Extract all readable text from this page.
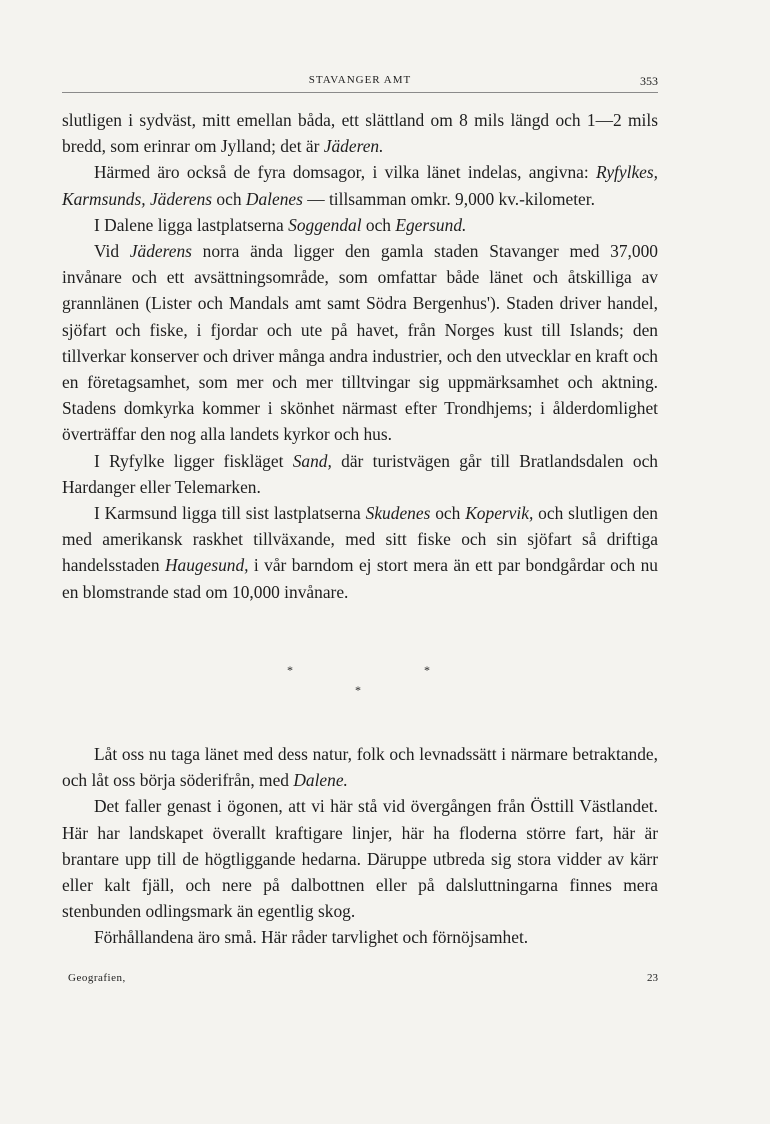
STAVANGER AMT	353

slutligen i sydväst, mitt emellan båda, ett slättland om 8 mils längd och 1—2 mils bredd, som erinrar om Jylland; det är Jäderen.

Härmed äro också de fyra domsagor, i vilka länet indelas, angivna: Ryfylkes, Karmsunds, Jäderens och Dalenes — tillsamman omkr. 9,000 kv.-kilometer.

I Dalene ligga lastplatserna Soggendal och Egersund.

Vid Jäderens norra ända ligger den gamla staden Stavanger med 37,000 invånare och ett avsättningsområde, som omfattar både länet och åtskilliga av grannlänen (Lister och Mandals amt samt Södra Bergenhus'). Staden driver handel, sjöfart och fiske, i fjordar och ute på havet, från Norges kust till Islands; den tillverkar konserver och driver många andra industrier, och den utvecklar en kraft och en företagsamhet, som mer och mer tilltvingar sig uppmärksamhet och aktning. Stadens domkyrka kommer i skönhet närmast efter Trondhjems; i ålderdomlighet överträffar den nog alla landets kyrkor och hus.

I Ryfylke ligger fiskläget Sand, där turistvägen går till Bratlandsdalen och Hardanger eller Telemarken.

I Karmsund ligga till sist lastplatserna Skudenes och Kopervik, och slutligen den med amerikansk raskhet tillväxande, med sitt fiske och sin sjöfart så driftiga handelsstaden Haugesund, i vår barndom ej stort mera än ett par bondgårdar och nu en blomstrande stad om 10,000 invånare.

*	*
*

Låt oss nu taga länet med dess natur, folk och levnadssätt i närmare betraktande, och låt oss börja söderifrån, med Dalene.

Det faller genast i ögonen, att vi här stå vid övergången från Östtill Västlandet. Här har landskapet överallt kraftigare linjer, här ha floderna större fart, här är brantare upp till de högtliggande hedarna. Däruppe utbreda sig stora vidder av kärr eller kalt fjäll, och nere på dalbottnen eller på dalsluttningarna finnes mera stenbunden odlingsmark än egentlig skog.

Förhållandena äro små. Här råder tarvlighet och förnöjsamhet.

Geografien,	23
